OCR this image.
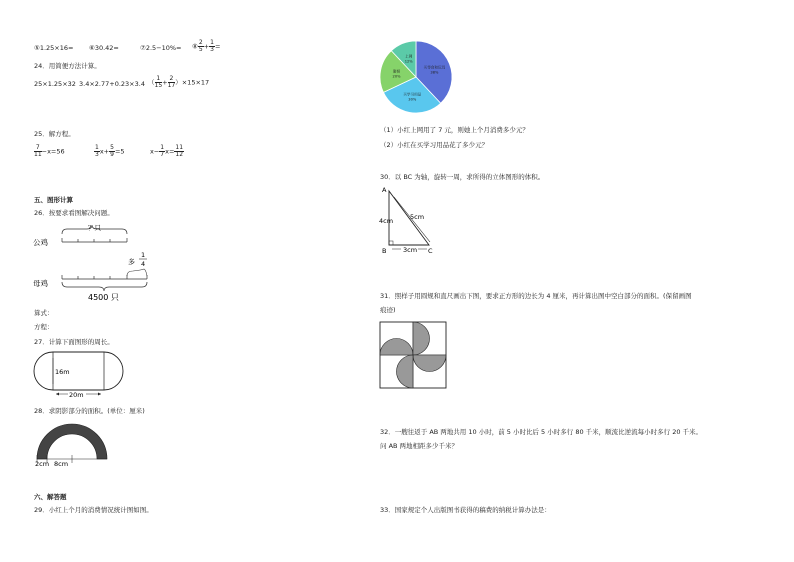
⑤1.25×16= ⑥30.42=	⑦2.5−10%= ⑧ $\frac{2}{5} + \frac{1}{3}$ =
24．用简便方法计算。
25×1.25×32 3.4×2.77+0.23×3.4 （ $\frac{1}{15} + \frac{2}{17} )\times 15\times 17$
25．解方程。
$\frac{7}{11} -x=56$	$\frac{1}{3} x+ \frac{5}{9} =5$	$x- \frac{1}{7} x= \frac{11}{12}$
五、图形计算
26．按要求看图解决问题。
公鸡
？只
多
1
4
母鸡
4500 只
算式：
方程：
27．计算下面图形的周长。
16m
20m
28．求阴影部分的面积。(单位：厘米)
2cm 8cm
六、解答题
29．小红上个月的消费情况统计图如图。
买零食和玩具
38%
买学习用品
30%
聚餐
20%
上网
12%
（1）小红上网用了 7 元，则她上个月消费多少元？
（2）小红在买学习用品花了多少元？
30．以 BC 为轴，旋转一周，求所得的立体图形的体积。
A
B	C
4cm	5cm
3cm
31．照样子用圆规和直尺画出下图，要求正方形的边长为 4 厘米，再计算出图中空白部分的面积。(保留画图
痕迹)
32．一艘往返于 AB 两地共用 10 小时，前 5 小时比后 5 小时多行 80 千米，顺流比逆流每小时多行 20 千米。
问 AB 两地相距多少千米？
33．国家规定个人出版图书获得的稿费的纳税计算办法是：
